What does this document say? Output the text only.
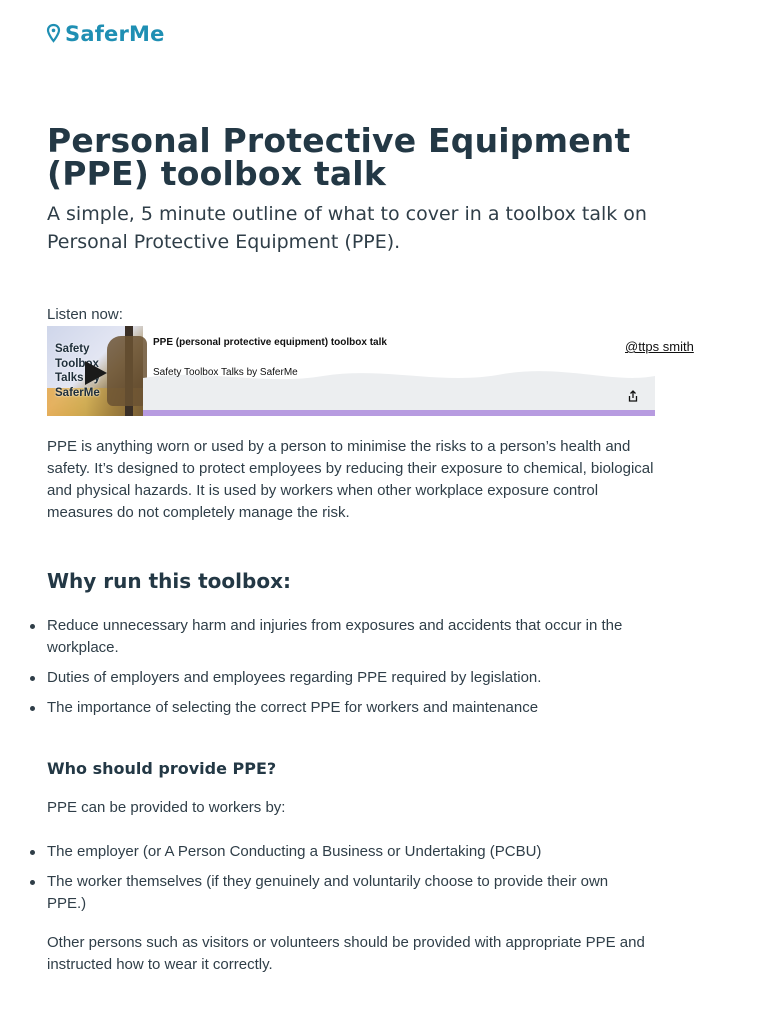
SaferMe
Personal Protective Equipment (PPE) toolbox talk

A simple, 5 minute outline of what to cover in a toolbox talk on Personal Protective Equipment (PPE).

Listen now:
Safety
Toolbox
Talks by
SaferMe
PPE (personal protective equipment) toolbox talk
Safety Toolbox Talks by SaferMe
@ttps smith

PPE is anything worn or used by a person to minimise the risks to a person’s health and safety. It’s designed to protect employees by reducing their exposure to chemical, biological and physical hazards. It is used by workers when other workplace exposure control measures do not completely manage the risk.

Why run this toolbox:
Reduce unnecessary harm and injuries from exposures and accidents that occur in the workplace.
Duties of employers and employees regarding PPE required by legislation.
The importance of selecting the correct PPE for workers and maintenance
Who should provide PPE?

PPE can be provided to workers by:

The employer (or A Person Conducting a Business or Undertaking (PCBU)
The worker themselves (if they genuinely and voluntarily choose to provide their own PPE.)

Other persons such as visitors or volunteers should be provided with appropriate PPE and instructed how to wear it correctly.
